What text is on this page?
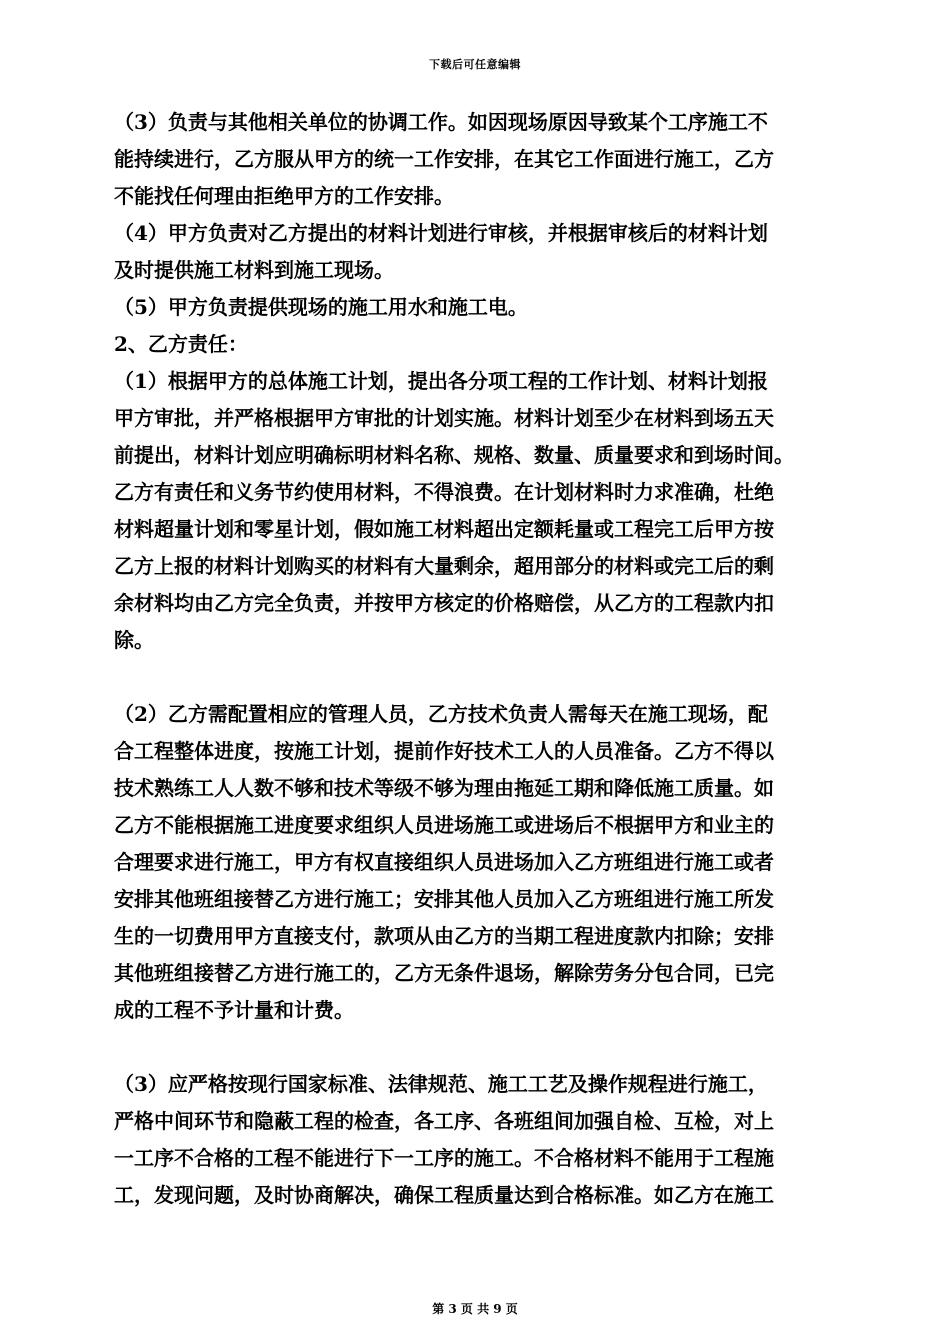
下载后可任意编辑
（3）负责与其他相关单位的协调工作。如因现场原因导致某个工序施工不
能持续进行，乙方服从甲方的统一工作安排，在其它工作面进行施工，乙方
不能找任何理由拒绝甲方的工作安排。
（4）甲方负责对乙方提出的材料计划进行审核，并根据审核后的材料计划
及时提供施工材料到施工现场。
（5）甲方负责提供现场的施工用水和施工电。
2、乙方责任：
（1）根据甲方的总体施工计划，提出各分项工程的工作计划、材料计划报
甲方审批，并严格根据甲方审批的计划实施。材料计划至少在材料到场五天
前提出，材料计划应明确标明材料名称、规格、数量、质量要求和到场时间。
乙方有责任和义务节约使用材料，不得浪费。在计划材料时力求准确，杜绝
材料超量计划和零星计划，假如施工材料超出定额耗量或工程完工后甲方按
乙方上报的材料计划购买的材料有大量剩余，超用部分的材料或完工后的剩
余材料均由乙方完全负责，并按甲方核定的价格赔偿，从乙方的工程款内扣
除。
（2）乙方需配置相应的管理人员，乙方技术负责人需每天在施工现场，配
合工程整体进度，按施工计划，提前作好技术工人的人员准备。乙方不得以
技术熟练工人人数不够和技术等级不够为理由拖延工期和降低施工质量。如
乙方不能根据施工进度要求组织人员进场施工或进场后不根据甲方和业主的
合理要求进行施工，甲方有权直接组织人员进场加入乙方班组进行施工或者
安排其他班组接替乙方进行施工；安排其他人员加入乙方班组进行施工所发
生的一切费用甲方直接支付，款项从由乙方的当期工程进度款内扣除；安排
其他班组接替乙方进行施工的，乙方无条件退场，解除劳务分包合同，已完
成的工程不予计量和计费。
（3）应严格按现行国家标准、法律规范、施工工艺及操作规程进行施工，
严格中间环节和隐蔽工程的检查，各工序、各班组间加强自检、互检，对上
一工序不合格的工程不能进行下一工序的施工。不合格材料不能用于工程施
工，发现问题，及时协商解决，确保工程质量达到合格标准。如乙方在施工
第 3 页 共 9 页
